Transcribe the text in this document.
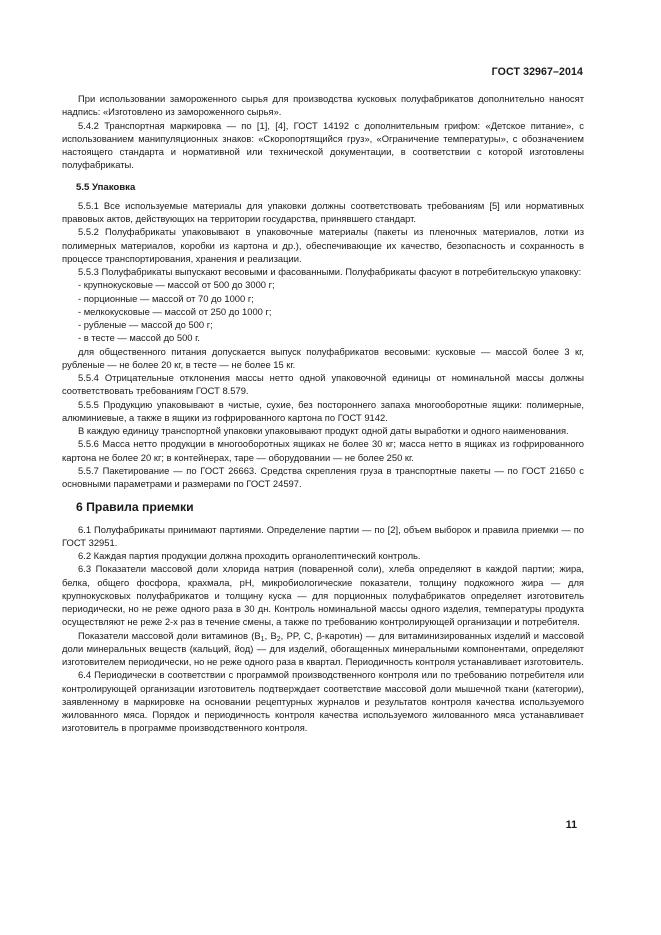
ГОСТ 32967–2014

При использовании замороженного сырья для производства кусковых полуфабрикатов дополнительно наносят надпись: «Изготовлено из замороженного сырья».

5.4.2 Транспортная маркировка — по [1], [4], ГОСТ 14192 с дополнительным грифом: «Детское питание», с использованием манипуляционных знаков: «Скоропортящийся груз», «Ограничение температуры», с обозначением настоящего стандарта и нормативной или технической документации, в соответствии с которой изготовлены полуфабрикаты.

5.5 Упаковка

5.5.1 Все используемые материалы для упаковки должны соответствовать требованиям [5] или нормативных правовых актов, действующих на территории государства, принявшего стандарт.

5.5.2 Полуфабрикаты упаковывают в упаковочные материалы (пакеты из пленочных материалов, лотки из полимерных материалов, коробки из картона и др.), обеспечивающие их качество, безопасность и сохранность в процессе транспортирования, хранения и реализации.

5.5.3 Полуфабрикаты выпускают весовыми и фасованными. Полуфабрикаты фасуют в потребительскую упаковку:

- крупнокусковые — массой от 500 до 3000 г;
- порционные — массой от 70 до 1000 г;
- мелкокусковые — массой от 250 до 1000 г;
- рубленые — массой до 500 г;
- в тесте — массой до 500 г.

для общественного питания допускается выпуск полуфабрикатов весовыми: кусковые — массой более 3 кг, рубленые — не более 20 кг, в тесте — не более 15 кг.

5.5.4 Отрицательные отклонения массы нетто одной упаковочной единицы от номинальной массы должны соответствовать требованиям ГОСТ 8.579.

5.5.5 Продукцию упаковывают в чистые, сухие, без постороннего запаха многооборотные ящики: полимерные, алюминиевые, а также в ящики из гофрированного картона по ГОСТ 9142.

В каждую единицу транспортной упаковки упаковывают продукт одной даты выработки и одного наименования.

5.5.6 Масса нетто продукции в многооборотных ящиках не более 30 кг; масса нетто в ящиках из гофрированного картона не более 20 кг; в контейнерах, таре — оборудовании — не более 250 кг.

5.5.7 Пакетирование — по ГОСТ 26663. Средства скрепления груза в транспортные пакеты — по ГОСТ 21650 с основными параметрами и размерами по ГОСТ 24597.

6 Правила приемки

6.1 Полуфабрикаты принимают партиями. Определение партии — по [2], объем выборок и правила приемки — по ГОСТ 32951.

6.2 Каждая партия продукции должна проходить органолептический контроль.

6.3 Показатели массовой доли хлорида натрия (поваренной соли), хлеба определяют в каждой партии; жира, белка, общего фосфора, крахмала, pH, микробиологические показатели, толщину подкожного жира — для крупнокусковых полуфабрикатов и толщину куска — для порционных полуфабрикатов определяет изготовитель периодически, но не реже одного раза в 30 дн. Контроль номинальной массы одного изделия, температуры продукта осуществляют не реже 2-х раз в течение смены, а также по требованию контролирующей организации и потребителя.

Показатели массовой доли витаминов ($B_1$, $B_2$, PP, C, β-каротин) — для витаминизированных изделий и массовой доли минеральных веществ (кальций, йод) — для изделий, обогащенных минеральными компонентами, определяют изготовителем периодически, но не реже одного раза в квартал. Периодичность контроля устанавливает изготовитель.

6.4 Периодически в соответствии с программой производственного контроля или по требованию потребителя или контролирующей организации изготовитель подтверждает соответствие массовой доли мышечной ткани (категории), заявленному в маркировке на основании рецептурных журналов и результатов контроля качества используемого жилованного мяса. Порядок и периодичность контроля качества используемого жилованного мяса устанавливает изготовитель в программе производственного контроля.

11
